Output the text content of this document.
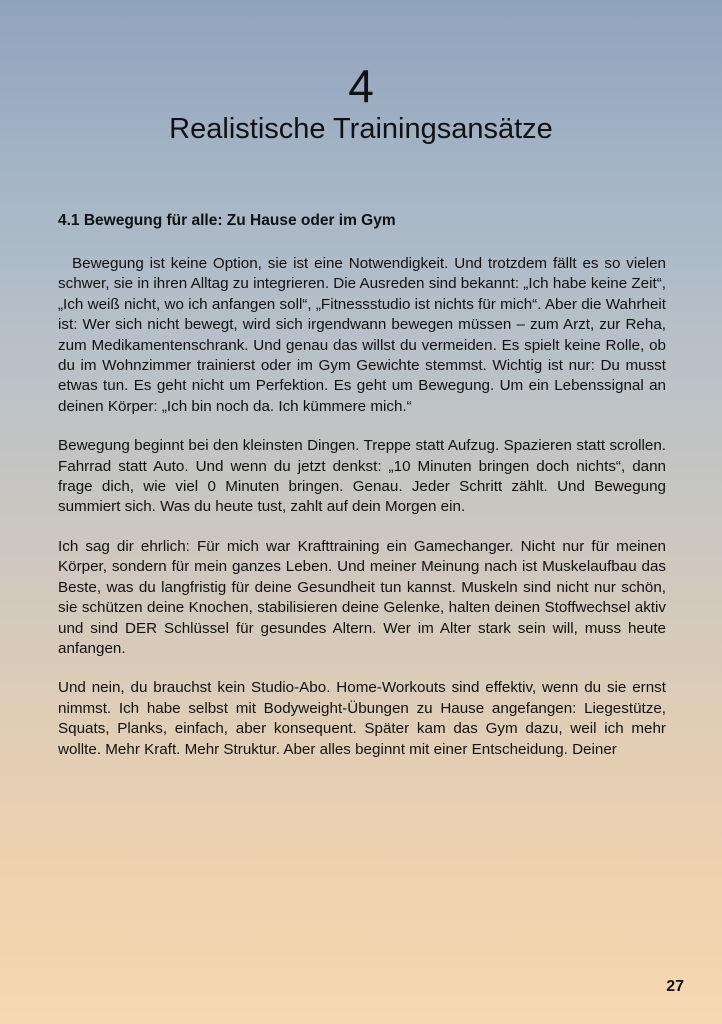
4
Realistische Trainingsansätze
4.1 Bewegung für alle: Zu Hause oder im Gym

Bewegung ist keine Option, sie ist eine Notwendigkeit. Und trotzdem fällt es so vielen schwer, sie in ihren Alltag zu integrieren. Die Ausreden sind bekannt: „Ich habe keine Zeit“, „Ich weiß nicht, wo ich anfangen soll“, „Fitnessstudio ist nichts für mich“. Aber die Wahrheit ist: Wer sich nicht bewegt, wird sich irgendwann bewegen müssen – zum Arzt, zur Reha, zum Medikamentenschrank. Und genau das willst du vermeiden. Es spielt keine Rolle, ob du im Wohnzimmer trainierst oder im Gym Gewichte stemmst. Wichtig ist nur: Du musst etwas tun. Es geht nicht um Perfektion. Es geht um Bewegung. Um ein Lebenssignal an deinen Körper: „Ich bin noch da. Ich kümmere mich.“

Bewegung beginnt bei den kleinsten Dingen. Treppe statt Aufzug. Spazieren statt scrollen. Fahrrad statt Auto. Und wenn du jetzt denkst: „10 Minuten bringen doch nichts“, dann frage dich, wie viel 0 Minuten bringen. Genau. Jeder Schritt zählt. Und Bewegung summiert sich. Was du heute tust, zahlt auf dein Morgen ein.

Ich sag dir ehrlich: Für mich war Krafttraining ein Gamechanger. Nicht nur für meinen Körper, sondern für mein ganzes Leben. Und meiner Meinung nach ist Muskelaufbau das Beste, was du langfristig für deine Gesundheit tun kannst. Muskeln sind nicht nur schön, sie schützen deine Knochen, stabilisieren deine Gelenke, halten deinen Stoffwechsel aktiv und sind DER Schlüssel für gesundes Altern. Wer im Alter stark sein will, muss heute anfangen.

Und nein, du brauchst kein Studio-Abo. Home-Workouts sind effektiv, wenn du sie ernst nimmst. Ich habe selbst mit Bodyweight-Übungen zu Hause angefangen: Liegestütze, Squats, Planks, einfach, aber konsequent. Später kam das Gym dazu, weil ich mehr wollte. Mehr Kraft. Mehr Struktur. Aber alles beginnt mit einer Entscheidung. Deiner

27
